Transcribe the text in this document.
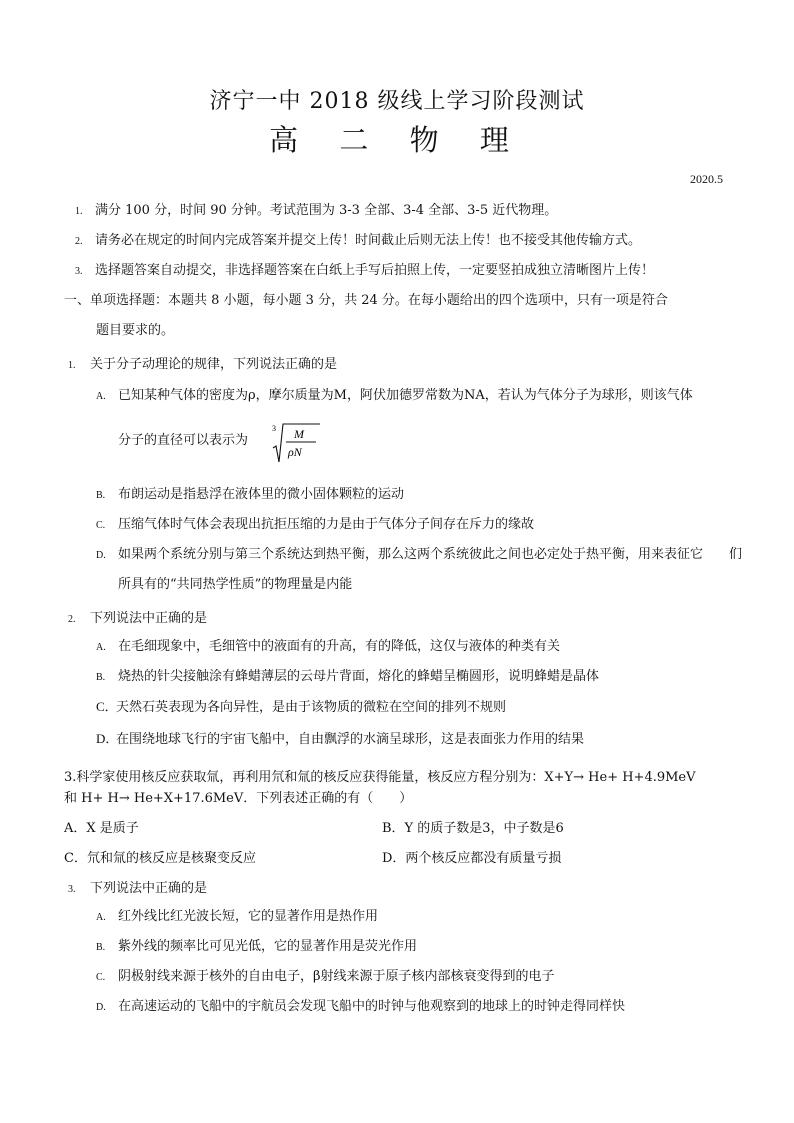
济宁一中 2018 级线上学习阶段测试
高 二 物 理
2020.5
1. 满分 100 分，时间 90 分钟。考试范围为 3-3 全部、3-4 全部、3-5 近代物理。
2. 请务必在规定的时间内完成答案并提交上传！时间截止后则无法上传！也不接受其他传输方式。
3. 选择题答案自动提交，非选择题答案在白纸上手写后拍照上传，一定要竖拍成独立清晰图片上传！
一、单项选择题：本题共 8 小题，每小题 3 分，共 24 分。在每小题给出的四个选项中，只有一项是符合
题目要求的。
1. 关于分子动理论的规律，下列说法正确的是
A. 已知某种气体的密度为ρ，摩尔质量为M，阿伏加德罗常数为NA，若认为气体分子为球形，则该气体
分子的直径可以表示为
3 M
ρN
B. 布朗运动是指悬浮在液体里的微小固体颗粒的运动
C. 压缩气体时气体会表现出抗拒压缩的力是由于气体分子间存在斥力的缘故
D. 如果两个系统分别与第三个系统达到热平衡，那么这两个系统彼此之间也必定处于热平衡，用来表征它　　们
所具有的“共同热学性质”的物理量是内能
2. 下列说法中正确的是
A. 在毛细现象中，毛细管中的液面有的升高，有的降低，这仅与液体的种类有关
B. 烧热的针尖接触涂有蜂蜡薄层的云母片背面，熔化的蜂蜡呈椭圆形，说明蜂蜡是晶体
C．天然石英表现为各向异性，是由于该物质的微粒在空间的排列不规则
D．在围绕地球飞行的宇宙飞船中，自由飘浮的水滴呈球形，这是表面张力作用的结果
3.科学家使用核反应获取氚，再利用氘和氚的核反应获得能量，核反应方程分别为：X+Y→ He+ H+4.9MeV
和 H+ H→ He+X+17.6MeV．下列表述正确的有（　　）
A．X 是质子	B．Y 的质子数是3，中子数是6
C．氘和氚的核反应是核聚变反应	D．两个核反应都没有质量亏损
3. 下列说法中正确的是
A. 红外线比红光波长短，它的显著作用是热作用
B. 紫外线的频率比可见光低，它的显著作用是荧光作用
C. 阴极射线来源于核外的自由电子，β射线来源于原子核内部核衰变得到的电子
D. 在高速运动的飞船中的宇航员会发现飞船中的时钟与他观察到的地球上的时钟走得同样快
